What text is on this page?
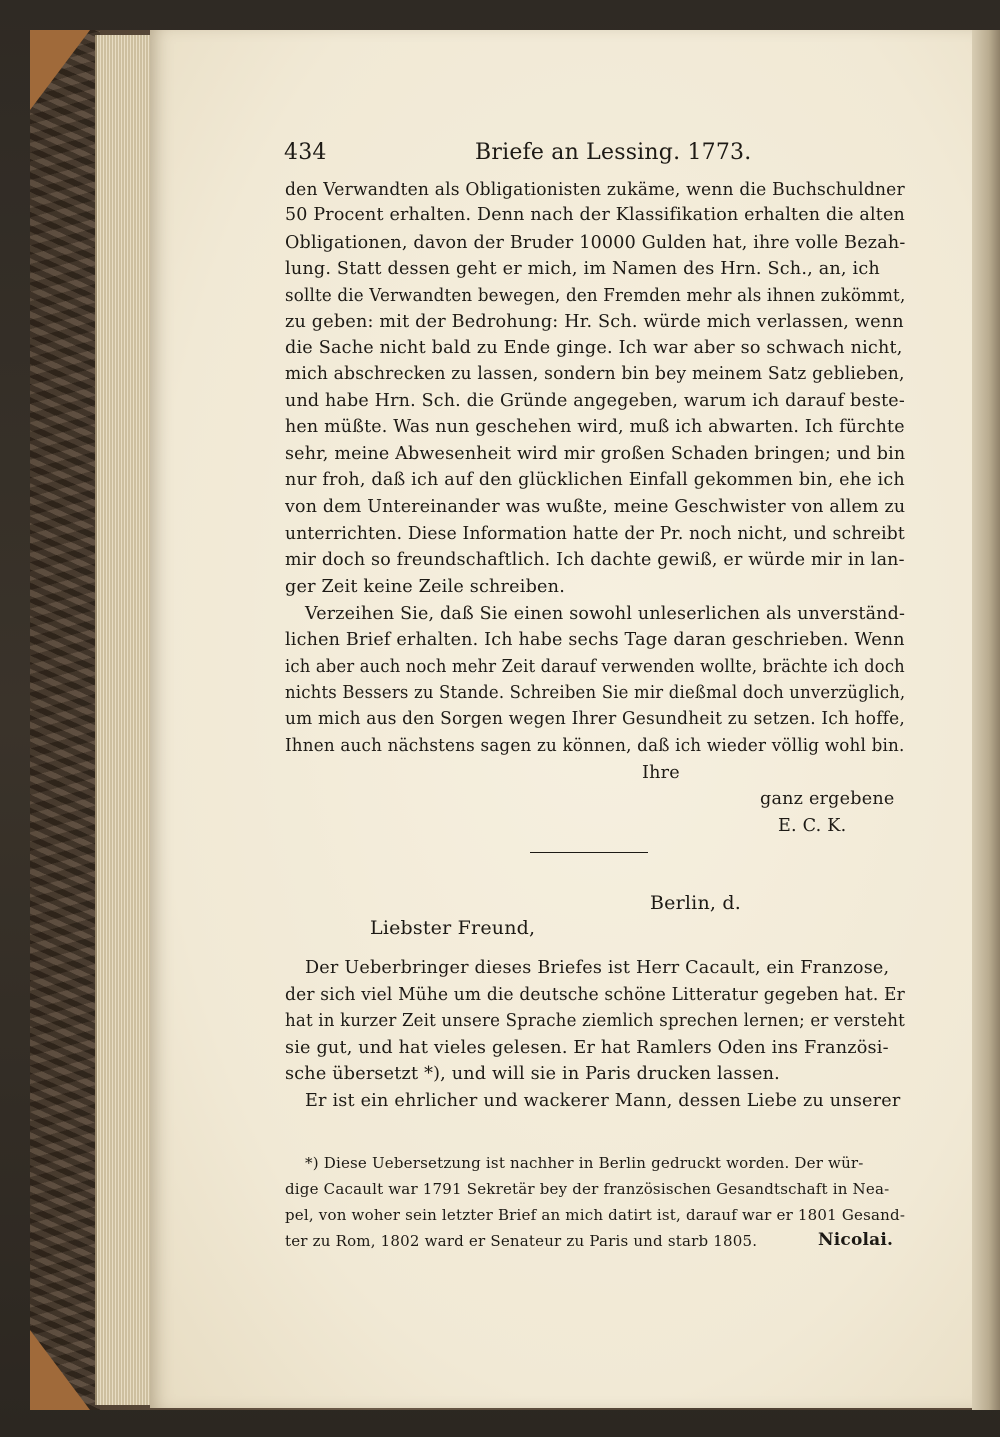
434	Briefe an Lessing. 1773.
den Verwandten als Obligationisten zukäme, wenn die Buchschuldner
50 Procent erhalten. Denn nach der Klassifikation erhalten die alten
Obligationen, davon der Bruder 10000 Gulden hat, ihre volle Bezah-
lung. Statt dessen geht er mich, im Namen des Hrn. Sch., an, ich
sollte die Verwandten bewegen, den Fremden mehr als ihnen zukömmt,
zu geben: mit der Bedrohung: Hr. Sch. würde mich verlassen, wenn
die Sache nicht bald zu Ende ginge. Ich war aber so schwach nicht,
mich abschrecken zu lassen, sondern bin bey meinem Satz geblieben,
und habe Hrn. Sch. die Gründe angegeben, warum ich darauf beste-
hen müßte. Was nun geschehen wird, muß ich abwarten. Ich fürchte
sehr, meine Abwesenheit wird mir großen Schaden bringen; und bin
nur froh, daß ich auf den glücklichen Einfall gekommen bin, ehe ich
von dem Untereinander was wußte, meine Geschwister von allem zu
unterrichten. Diese Information hatte der Pr. noch nicht, und schreibt
mir doch so freundschaftlich. Ich dachte gewiß, er würde mir in lan-
ger Zeit keine Zeile schreiben.
Verzeihen Sie, daß Sie einen sowohl unleserlichen als unverständ-
lichen Brief erhalten. Ich habe sechs Tage daran geschrieben. Wenn
ich aber auch noch mehr Zeit darauf verwenden wollte, brächte ich doch
nichts Bessers zu Stande. Schreiben Sie mir dießmal doch unverzüglich,
um mich aus den Sorgen wegen Ihrer Gesundheit zu setzen. Ich hoffe,
Ihnen auch nächstens sagen zu können, daß ich wieder völlig wohl bin.
Ihre
ganz ergebene
E. C. K.
Berlin, d.
Liebster Freund,
Der Ueberbringer dieses Briefes ist Herr Cacault, ein Franzose,
der sich viel Mühe um die deutsche schöne Litteratur gegeben hat. Er
hat in kurzer Zeit unsere Sprache ziemlich sprechen lernen; er versteht
sie gut, und hat vieles gelesen. Er hat Ramlers Oden ins Französi-
sche übersetzt *), und will sie in Paris drucken lassen.
Er ist ein ehrlicher und wackerer Mann, dessen Liebe zu unserer
*) Diese Uebersetzung ist nachher in Berlin gedruckt worden. Der wür-
dige Cacault war 1791 Sekretär bey der französischen Gesandtschaft in Nea-
pel, von woher sein letzter Brief an mich datirt ist, darauf war er 1801 Gesand-
ter zu Rom, 1802 ward er Senateur zu Paris und starb 1805.	Nicolai.
